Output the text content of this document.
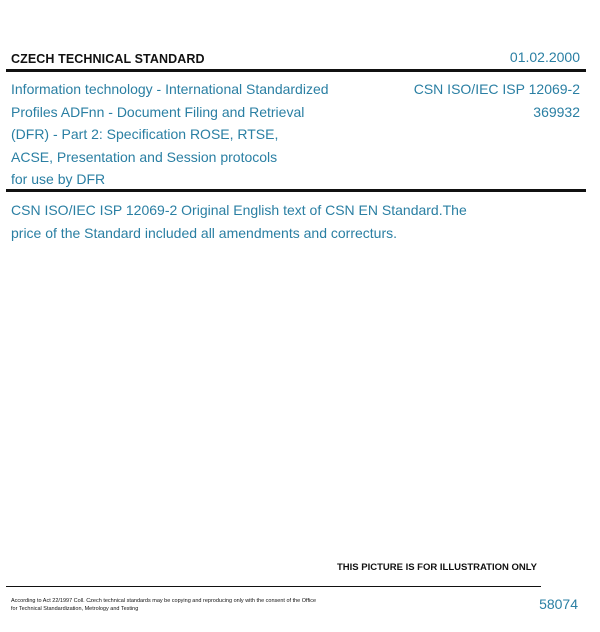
CZECH TECHNICAL STANDARD	01.02.2000
Information technology - International Standardized
Profiles ADFnn - Document Filing and Retrieval
(DFR) - Part 2: Specification ROSE, RTSE,
ACSE, Presentation and Session protocols
for use by DFR
CSN ISO/IEC ISP 12069-2
369932
CSN ISO/IEC ISP 12069-2 Original English text of CSN EN Standard.The
price of the Standard included all amendments and correcturs.
THIS PICTURE IS FOR ILLUSTRATION ONLY
According to Act 22/1997 Coll. Czech technical standards may be copying and reproducing only with the consent of the Office
for Technical Standardization, Metrology and Testing	58074
